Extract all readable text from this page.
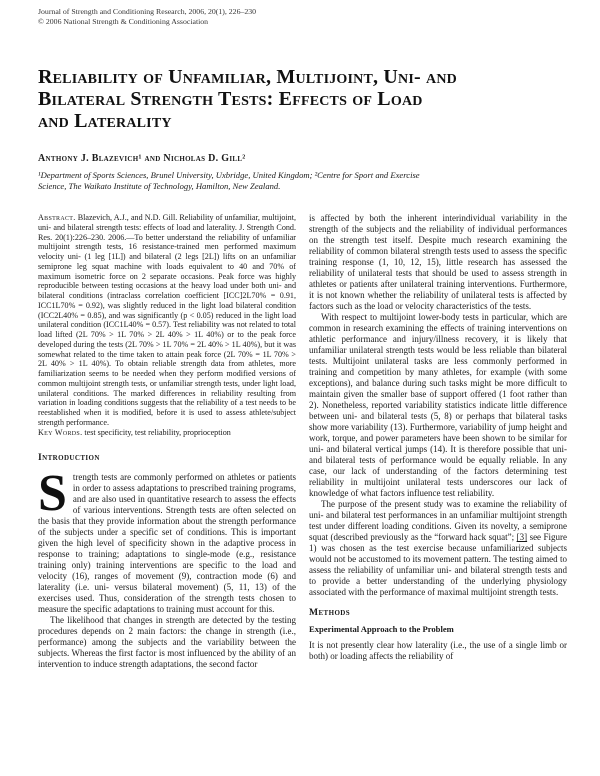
Journal of Strength and Conditioning Research, 2006, 20(1), 226–230
© 2006 National Strength & Conditioning Association
Reliability of Unfamiliar, Multijoint, Uni- and
Bilateral Strength Tests: Effects of Load
and Laterality
Anthony J. Blazevich¹ and Nicholas D. Gill²
¹Department of Sports Sciences, Brunel University, Uxbridge, United Kingdom; ²Centre for Sport and Exercise
Science, The Waikato Institute of Technology, Hamilton, New Zealand.

Abstract. Blazevich, A.J., and N.D. Gill. Reliability of unfamiliar, multijoint, uni- and bilateral strength tests: effects of load and laterality. J. Strength Cond. Res. 20(1):226–230. 2006.—To better understand the reliability of unfamiliar multijoint strength tests, 16 resistance-trained men performed maximum velocity uni- (1 leg [1L]) and bilateral (2 legs [2L]) lifts on an unfamiliar semiprone leg squat machine with loads equivalent to 40 and 70% of maximum isometric force on 2 separate occasions. Peak force was highly reproducible between testing occasions at the heavy load under both uni- and bilateral conditions (intraclass correlation coefficient [ICC]2L70% = 0.91, ICC1L70% = 0.92), was slightly reduced in the light load bilateral condition (ICC2L40% = 0.85), and was significantly (p < 0.05) reduced in the light load unilateral condition (ICC1L40% = 0.57). Test reliability was not related to total load lifted (2L 70% > 1L 70% > 2L 40% > 1L 40%) or to the peak force developed during the tests (2L 70% > 1L 70% = 2L 40% > 1L 40%), but it was somewhat related to the time taken to attain peak force (2L 70% = 1L 70% > 2L 40% > 1L 40%). To obtain reliable strength data from athletes, more familiarization seems to be needed when they perform modified versions of common multijoint strength tests, or unfamiliar strength tests, under light load, unilateral conditions. The marked differences in reliability resulting from variation in loading conditions suggests that the reliability of a test needs to be reestablished when it is modified, before it is used to assess athlete/subject strength performance.

Key Words. test specificity, test reliability, proprioception

Introduction

Strength tests are commonly performed on athletes or patients in order to assess adaptations to prescribed training programs, and are also used in quantitative research to assess the effects of various interventions. Strength tests are often selected on the basis that they provide information about the strength performance of the subjects under a specific set of conditions. This is important given the high level of specificity shown in the adaptive process in response to training; adaptations to single-mode (e.g., resistance training only) training interventions are specific to the load and velocity (16), ranges of movement (9), contraction mode (6) and laterality (i.e. uni- versus bilateral movement) (5, 11, 13) of the exercises used. Thus, consideration of the strength tests chosen to measure the specific adaptations to training must account for this.

The likelihood that changes in strength are detected by the testing procedures depends on 2 main factors: the change in strength (i.e., performance) among the subjects and the variability between the subjects. Whereas the first factor is most influenced by the ability of an intervention to induce strength adaptations, the second factor

is affected by both the inherent interindividual variability in the strength of the subjects and the reliability of individual performances on the strength test itself. Despite much research examining the reliability of common bilateral strength tests used to assess the specific training response (1, 10, 12, 15), little research has assessed the reliability of unilateral tests that should be used to assess strength in athletes or patients after unilateral training interventions. Furthermore, it is not known whether the reliability of unilateral tests is affected by factors such as the load or velocity characteristics of the tests.

With respect to multijoint lower-body tests in particular, which are common in research examining the effects of training interventions on athletic performance and injury/illness recovery, it is likely that unfamiliar unilateral strength tests would be less reliable than bilateral tests. Multijoint unilateral tasks are less commonly performed in training and competition by many athletes, for example (with some exceptions), and balance during such tasks might be more difficult to maintain given the smaller base of support offered (1 foot rather than 2). Nonetheless, reported variability statistics indicate little difference between uni- and bilateral tests (5, 8) or perhaps that bilateral tasks show more variability (13). Furthermore, variability of jump height and work, torque, and power parameters have been shown to be similar for uni- and bilateral vertical jumps (14). It is therefore possible that uni- and bilateral tests of performance would be equally reliable. In any case, our lack of understanding of the factors determining test reliability in multijoint unilateral tests underscores our lack of knowledge of what factors influence test reliability.

The purpose of the present study was to examine the reliability of uni- and bilateral test performances in an unfamiliar multijoint strength test under different loading conditions. Given its novelty, a semiprone squat (described previously as the “forward hack squat”; [3] see Figure 1) was chosen as the test exercise because unfamiliarized subjects would not be accustomed to its movement pattern. The testing aimed to assess the reliability of unfamiliar uni- and bilateral strength tests and to provide a better understanding of the underlying physiology associated with the performance of maximal multijoint strength tests.

Methods
Experimental Approach to the Problem

It is not presently clear how laterality (i.e., the use of a single limb or both) or loading affects the reliability of
